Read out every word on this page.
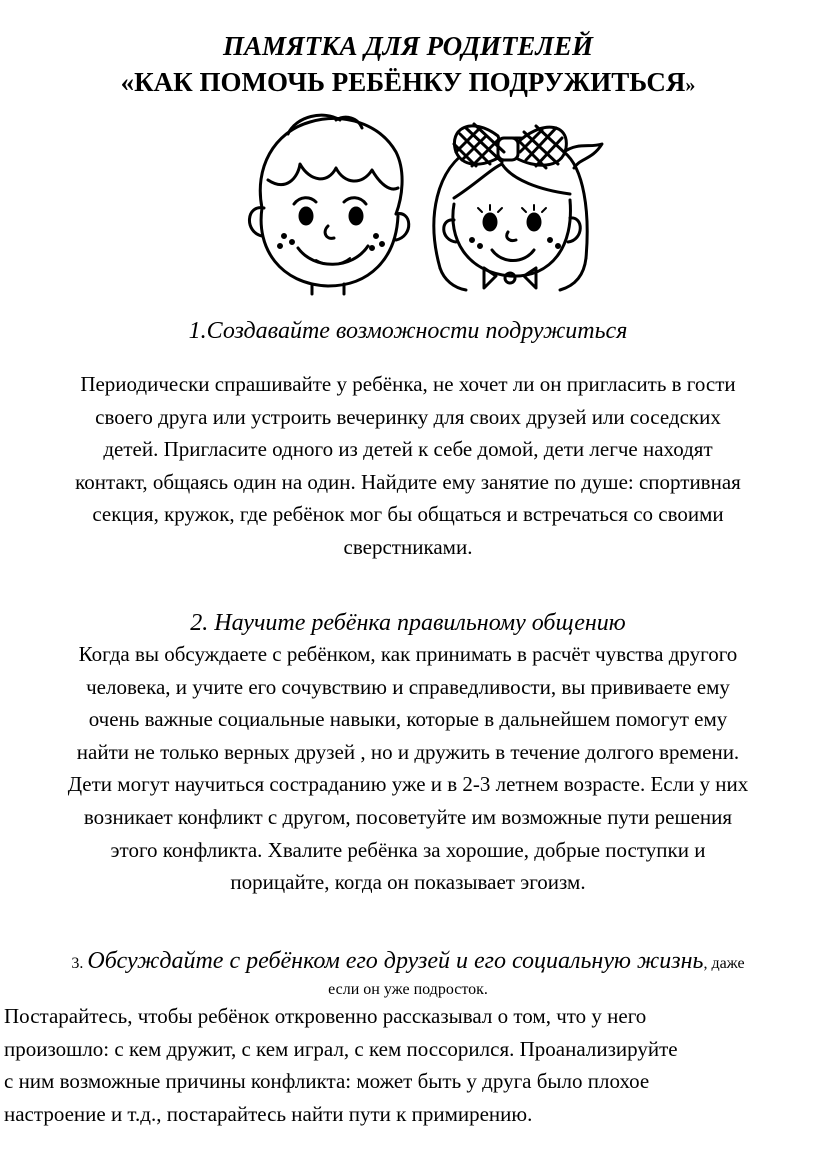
ПАМЯТКА ДЛЯ РОДИТЕЛЕЙ
«КАК ПОМОЧЬ РЕБЁНКУ ПОДРУЖИТЬСЯ»
1.Создавайте возможности подружиться
Периодически спрашивайте у ребёнка, не хочет ли он пригласить в гости
своего друга или устроить вечеринку для своих друзей или соседских
детей. Пригласите одного из детей к себе домой, дети легче находят
контакт, общаясь один на один. Найдите ему занятие по душе: спортивная
секция, кружок, где ребёнок мог бы общаться и встречаться со своими
сверстниками.
2. Научите ребёнка правильному общению
Когда вы обсуждаете с ребёнком, как принимать в расчёт чувства другого
человека, и учите его сочувствию и справедливости, вы прививаете ему
очень важные социальные навыки, которые в дальнейшем помогут ему
найти не только верных друзей , но и дружить в течение долгого времени.
Дети могут научиться состраданию уже и в 2-3 летнем возрасте. Если у них
возникает конфликт с другом, посоветуйте им возможные пути решения
этого конфликта. Хвалите ребёнка за хорошие, добрые поступки и
порицайте, когда он показывает эгоизм.
3. Обсуждайте с ребёнком его друзей и его социальную жизнь, даже
если он уже подросток.
Постарайтесь, чтобы ребёнок откровенно рассказывал о том, что у него
произошло: с кем дружит, с кем играл, с кем поссорился. Проанализируйте
с ним возможные причины конфликта: может быть у друга было плохое
настроение и т.д., постарайтесь найти пути к примирению.
